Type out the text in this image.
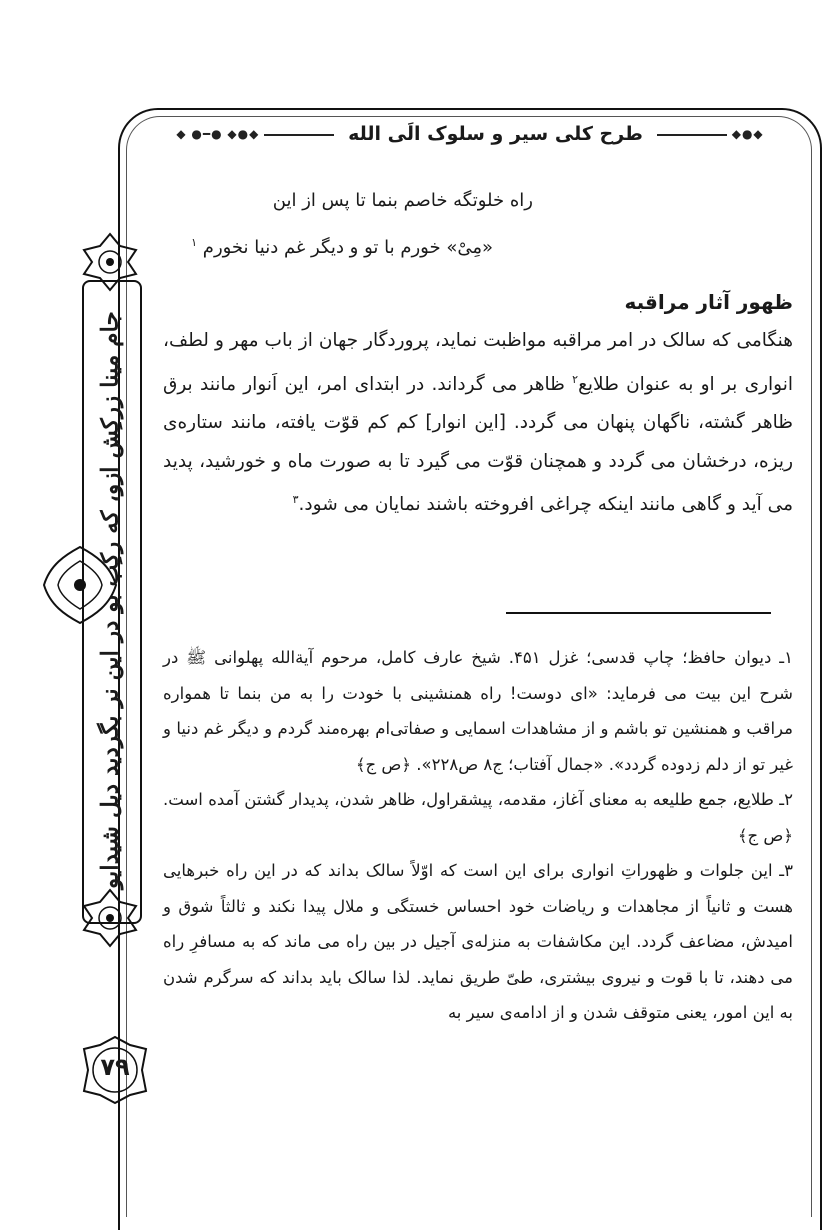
◆●◆
طرح کلی سیر و سلوک الَی الله
◆●◆ ●━● ◆
راه خلوتگه خاصم بنما تا پس از این
«مِیْ» خورم با تو و دیگر غم دنیا نخورم $^۱$
ظهور آثار مراقبه
هنگامی که سالک در امر مراقبه مواظبت نماید، پروردگار جهان از باب مهر و لطف، انواری بر او به عنوان طلایع$^۲$ ظاهر می گرداند. در ابتدای امر، این اَنوار مانند برق ظاهر گشته، ناگهان پنهان می گردد. [این انوار] کم کم قوّت یافته، مانند ستاره‌ی ریزه، درخشان می گردد و همچنان قوّت می گیرد تا به صورت ماه و خورشید، پدید می آید و گاهی مانند اینکه چراغی افروخته باشند نمایان می شود.$^۳$

۱ـ دیوان حافظ؛ چاپ قدسی؛ غزل ۴۵۱. شیخ عارف کامل، مرحوم آیةالله پهلوانی ﷺ در شرح این بیت می فرماید: «ای دوست! راه همنشینی با خودت را به من بنما تا همواره مراقب و همنشین تو باشم و از مشاهدات اسمایی و صفاتی‌ام بهره‌مند گردم و دیگر غم دنیا و غیر تو از دلم زدوده گردد». «جمال آفتاب؛ ج۸ ص۲۲۸». ﴿ص ج﴾

۲ـ طلایع، جمع طلیعه به معنای آغاز، مقدمه، پیشقراول، ظاهر شدن، پدیدار گشتن آمده است. ﴿ص ج﴾

۳ـ این جلوات و ظهوراتِ انواری برای این است که اوّلاً سالک بداند که در این راه خبرهایی هست و ثانیاً از مجاهدات و ریاضات خود احساس خستگی و ملال پیدا نکند و ثالثاً شوق و امیدش، مضاعف گردد. این مکاشفات به منزله‌ی آجیل در بین راه می ماند که به مسافرِ راه می دهند، تا با قوت و نیروی بیشتری، طیّ طریق نماید. لذا سالک باید بداند که سرگرم شدن به این امور، یعنی متوقف شدن و از ادامه‌ی سیر به

جام مینا زرکِش ازو، که رکِب بو در این نر بگردید دیل شیدایو
۷۹
